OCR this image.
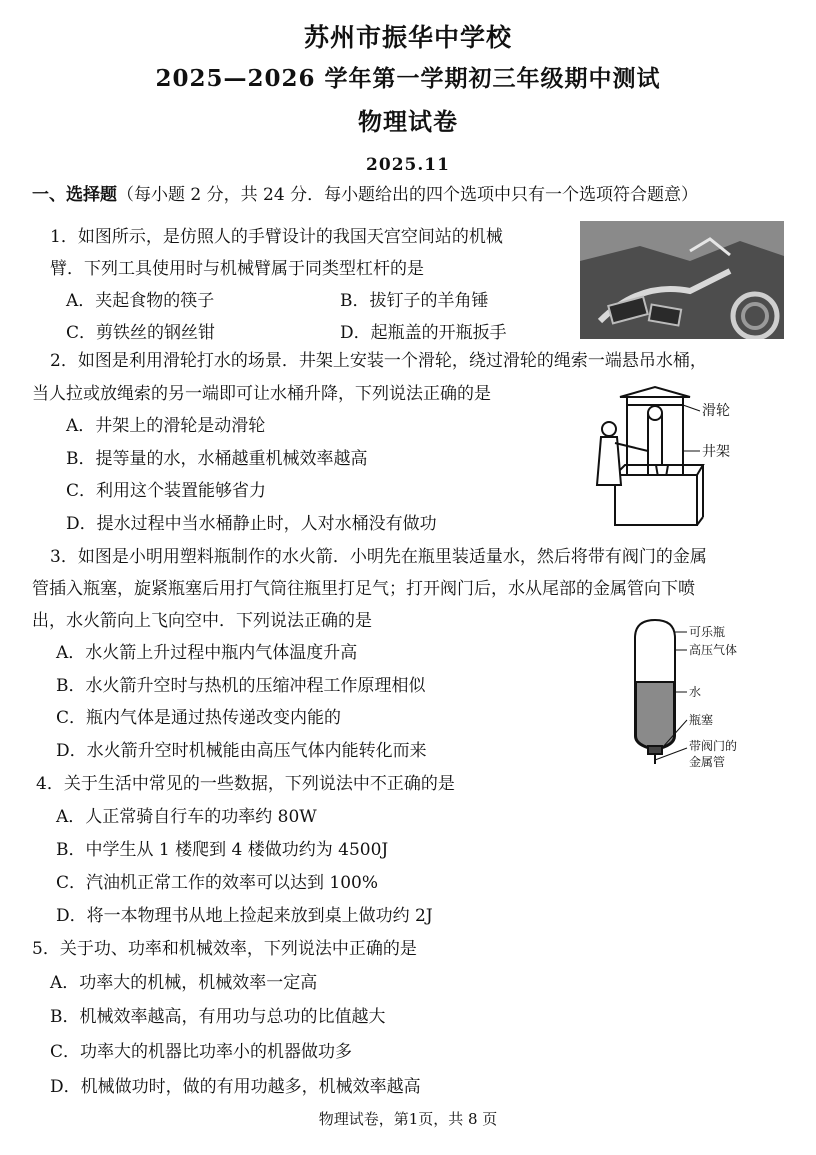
苏州市振华中学校
2025—2026 学年第一学期初三年级期中测试
物理试卷
2025.11
一、选择题（每小题 2 分，共 24 分．每小题给出的四个选项中只有一个选项符合题意）
1．如图所示，是仿照人的手臂设计的我国天宫空间站的机械
臂．下列工具使用时与机械臂属于同类型杠杆的是
A．夹起食物的筷子	B．拔钉子的羊角锤
C．剪铁丝的钢丝钳	D．起瓶盖的开瓶扳手
2．如图是利用滑轮打水的场景．井架上安装一个滑轮，绕过滑轮的绳索一端悬吊水桶，
当人拉或放绳索的另一端即可让水桶升降，下列说法正确的是
A．井架上的滑轮是动滑轮
B．提等量的水，水桶越重机械效率越高
C．利用这个装置能够省力
D．提水过程中当水桶静止时，人对水桶没有做功
滑轮
井架
3．如图是小明用塑料瓶制作的水火箭．小明先在瓶里装适量水，然后将带有阀门的金属
管插入瓶塞，旋紧瓶塞后用打气筒往瓶里打足气；打开阀门后，水从尾部的金属管向下喷
出，水火箭向上飞向空中．下列说法正确的是
A．水火箭上升过程中瓶内气体温度升高
B．水火箭升空时与热机的压缩冲程工作原理相似
C．瓶内气体是通过热传递改变内能的
D．水火箭升空时机械能由高压气体内能转化而来
可乐瓶
高压气体
水
瓶塞
带阀门的
金属管
4．关于生活中常见的一些数据，下列说法中不正确的是
A．人正常骑自行车的功率约 80W
B．中学生从 1 楼爬到 4 楼做功约为 4500J
C．汽油机正常工作的效率可以达到 100%
D．将一本物理书从地上捡起来放到桌上做功约 2J
5．关于功、功率和机械效率，下列说法中正确的是
A．功率大的机械，机械效率一定高
B．机械效率越高，有用功与总功的比值越大
C．功率大的机器比功率小的机器做功多
D．机械做功时，做的有用功越多，机械效率越高
物理试卷，第1页，共 8 页
